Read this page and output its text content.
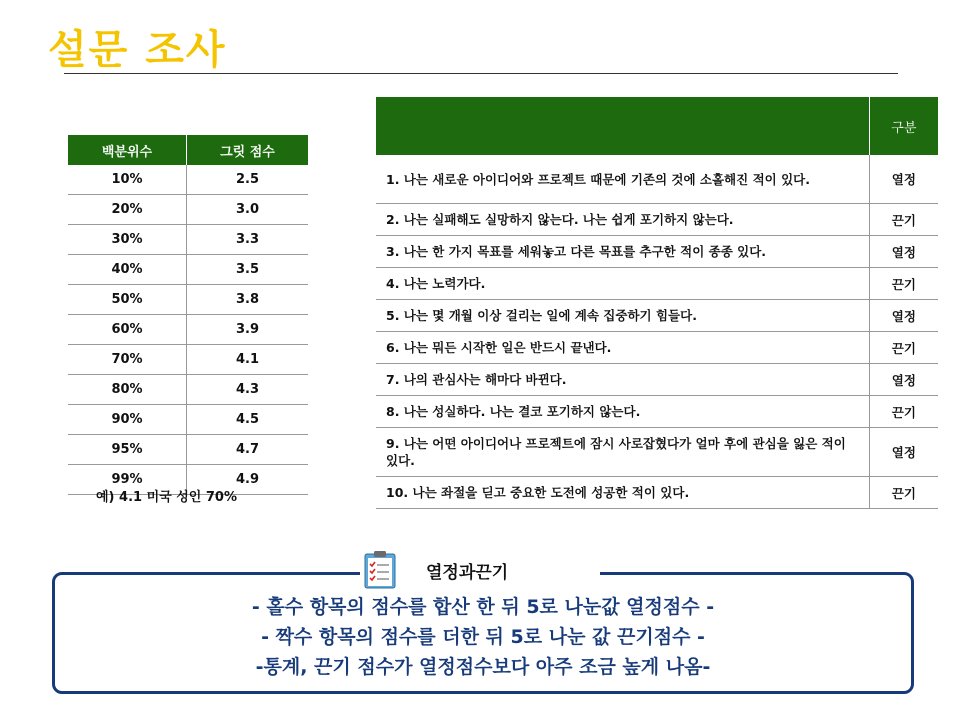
설문 조사
백분위수	그릿 점수
10%	2.5
20%	3.0
30%	3.3
40%	3.5
50%	3.8
60%	3.9
70%	4.1
80%	4.3
90%	4.5
95%	4.7
99%	4.9
예) 4.1 미국 성인 70%
	구분
1. 나는 새로운 아이디어와 프로젝트 때문에 기존의 것에 소홀해진 적이 있다.	열정
2. 나는 실패해도 실망하지 않는다. 나는 쉽게 포기하지 않는다.	끈기
3. 나는 한 가지 목표를 세워놓고 다른 목표를 추구한 적이 종종 있다.	열정
4. 나는 노력가다.	끈기
5. 나는 몇 개월 이상 걸리는 일에 계속 집중하기 힘들다.	열정
6. 나는 뭐든 시작한 일은 반드시 끝낸다.	끈기
7. 나의 관심사는 해마다 바뀐다.	열정
8. 나는 성실하다. 나는 결코 포기하지 않는다.	끈기
9. 나는 어떤 아이디어나 프로젝트에 잠시 사로잡혔다가 얼마 후에 관심을 잃은 적이 있다.	열정
10. 나는 좌절을 딛고 중요한 도전에 성공한 적이 있다.	끈기
열정과끈기
- 홀수 항목의 점수를 합산 한 뒤 5로 나눈값 열정점수 -
- 짝수 항목의 점수를 더한 뒤 5로 나눈 값 끈기점수 -
-통계, 끈기 점수가 열정점수보다 아주 조금 높게 나옴-
